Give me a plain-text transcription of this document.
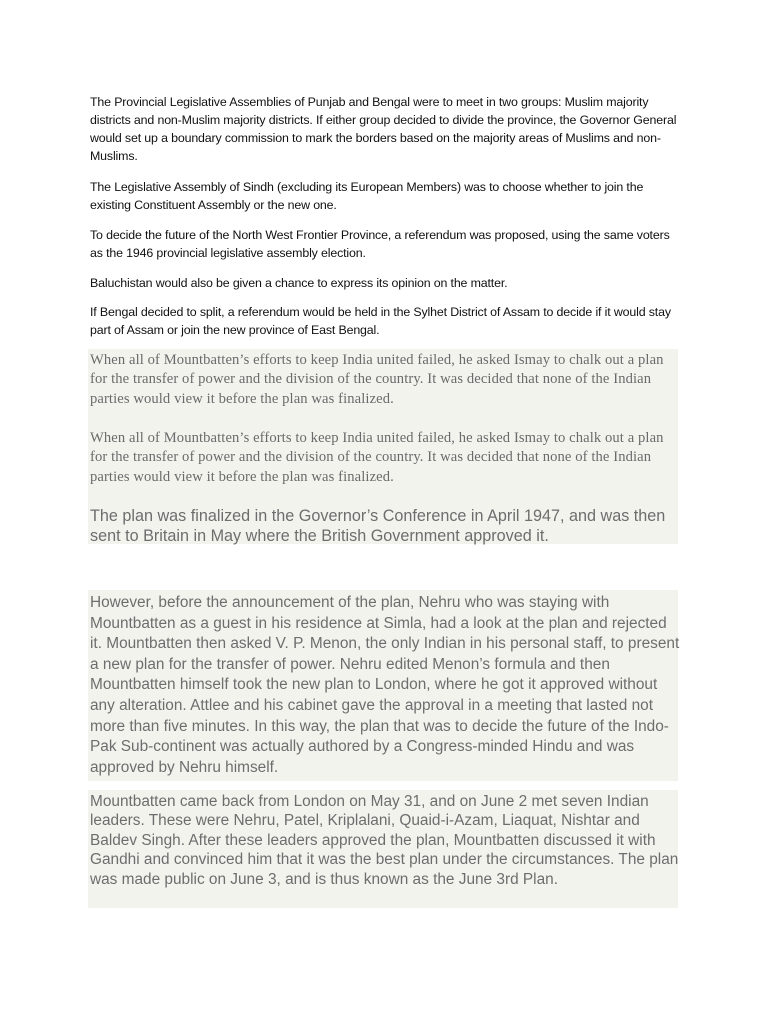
The Provincial Legislative Assemblies of Punjab and Bengal were to meet in two groups: Muslim majority districts and non-Muslim majority districts. If either group decided to divide the province, the Governor General would set up a boundary commission to mark the borders based on the majority areas of Muslims and non-Muslims.

The Legislative Assembly of Sindh (excluding its European Members) was to choose whether to join the existing Constituent Assembly or the new one.

To decide the future of the North West Frontier Province, a referendum was proposed, using the same voters as the 1946 provincial legislative assembly election.

Baluchistan would also be given a chance to express its opinion on the matter.

If Bengal decided to split, a referendum would be held in the Sylhet District of Assam to decide if it would stay part of Assam or join the new province of East Bengal.

When all of Mountbatten’s efforts to keep India united failed, he asked Ismay to chalk out a plan for the transfer of power and the division of the country. It was decided that none of the Indian parties would view it before the plan was finalized.

When all of Mountbatten’s efforts to keep India united failed, he asked Ismay to chalk out a plan for the transfer of power and the division of the country. It was decided that none of the Indian parties would view it before the plan was finalized.

The plan was finalized in the Governor’s Conference in April 1947, and was then sent to Britain in May where the British Government approved it.

However, before the announcement of the plan, Nehru who was staying with Mountbatten as a guest in his residence at Simla, had a look at the plan and rejected it. Mountbatten then asked V. P. Menon, the only Indian in his personal staff, to present a new plan for the transfer of power. Nehru edited Menon’s formula and then Mountbatten himself took the new plan to London, where he got it approved without any alteration. Attlee and his cabinet gave the approval in a meeting that lasted not more than five minutes. In this way, the plan that was to decide the future of the Indo-Pak Sub-continent was actually authored by a Congress-minded Hindu and was approved by Nehru himself.

Mountbatten came back from London on May 31, and on June 2 met seven Indian leaders. These were Nehru, Patel, Kriplalani, Quaid-i-Azam, Liaquat, Nishtar and Baldev Singh. After these leaders approved the plan, Mountbatten discussed it with Gandhi and convinced him that it was the best plan under the circumstances. The plan was made public on June 3, and is thus known as the June 3rd Plan.
